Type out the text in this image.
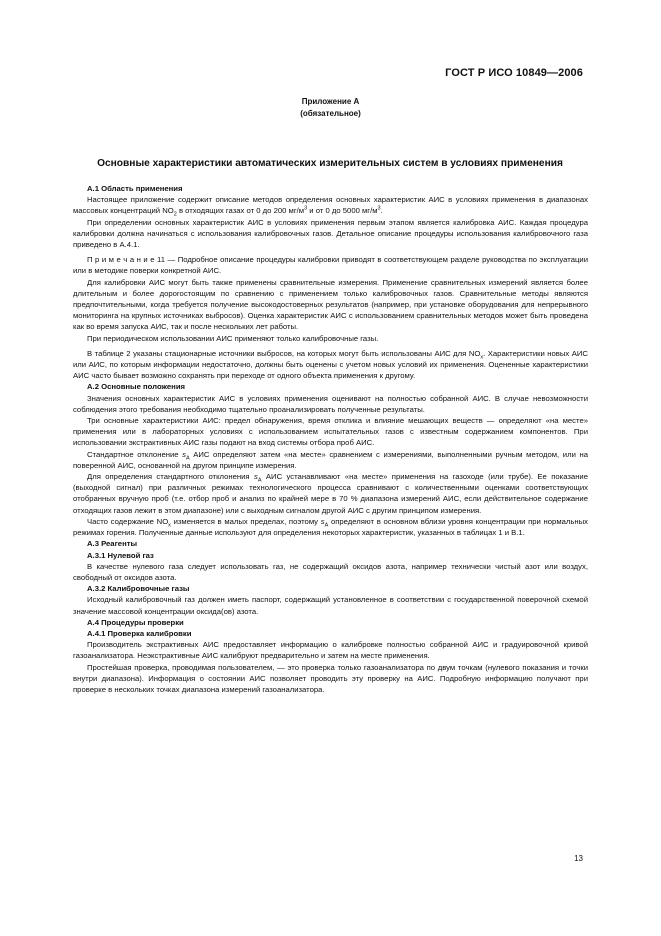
ГОСТ Р ИСО 10849—2006
Приложение А
(обязательное)
Основные характеристики автоматических измерительных систем в условиях применения

А.1 Область применения

Настоящее приложение содержит описание методов определения основных характеристик АИС в условиях применения в диапазонах массовых концентраций $NO_2$ в отходящих газах от 0 до 200 $мг/м^3$ и от 0 до 5000 $мг/м^3$.

При определении основных характеристик АИС в условиях применения первым этапом является калибровка АИС. Каждая процедура калибровки должна начинаться с использования калибровочных газов. Детальное описание процедуры использования калибровочного газа приведено в А.4.1.

П р и м е ч а н и е 11 — Подробное описание процедуры калибровки приводят в соответствующем разделе руководства по эксплуатации или в методике поверки конкретной АИС.

Для калибровки АИС могут быть также применены сравнительные измерения. Применение сравнительных измерений является более длительным и более дорогостоящим по сравнению с применением только калибровочных газов. Сравнительные методы являются предпочтительными, когда требуется получение высокодостоверных результатов (например, при установке оборудования для непрерывного мониторинга на крупных источниках выбросов). Оценка характеристик АИС с использованием сравнительных методов может быть проведена как во время запуска АИС, так и после нескольких лет работы.

При периодическом использовании АИС применяют только калибровочные газы.

В таблице 2 указаны стационарные источники выбросов, на которых могут быть использованы АИС для $NO_x$. Характеристики новых АИС или АИС, по которым информации недостаточно, должны быть оценены с учетом новых условий их применения. Оцененные характеристики АИС часто бывает возможно сохранять при переходе от одного объекта применения к другому.

А.2 Основные положения

Значения основных характеристик АИС в условиях применения оценивают на полностью собранной АИС. В случае невозможности соблюдения этого требования необходимо тщательно проанализировать полученные результаты.

Три основные характеристики АИС: предел обнаружения, время отклика и влияние мешающих веществ — определяют «на месте» применения или в лабораторных условиях с использованием испытательных газов с известным содержанием компонентов. При использовании экстрактивных АИС газы подают на вход системы отбора проб АИС.

Стандартное отклонение $s_A$ АИС определяют затем «на месте» сравнением с измерениями, выполненными ручным методом, или на поверенной АИС, основанной на другом принципе измерения.

Для определения стандартного отклонения $s_A$ АИС устанавливают «на месте» применения на газоходе (или трубе). Ее показание (выходной сигнал) при различных режимах технологического процесса сравнивают с количественными оценками соответствующих отобранных вручную проб (т.е. отбор проб и анализ по крайней мере в 70 % диапазона измерений АИС, если действительное содержание отходящих газов лежит в этом диапазоне) или с выходным сигналом другой АИС с другим принципом измерения.

Часто содержание $NO_x$ изменяется в малых пределах, поэтому $s_A$ определяют в основном вблизи уровня концентрации при нормальных режимах горения. Полученные данные используют для определения некоторых характеристик, указанных в таблицах 1 и В.1.

А.3 Реагенты

А.3.1 Нулевой газ

В качестве нулевого газа следует использовать газ, не содержащий оксидов азота, например технически чистый азот или воздух, свободный от оксидов азота.

А.3.2 Калибровочные газы

Исходный калибровочный газ должен иметь паспорт, содержащий установленное в соответствии с государственной поверочной схемой значение массовой концентрации оксида(ов) азота.

А.4 Процедуры проверки

А.4.1 Проверка калибровки

Производитель экстрактивных АИС предоставляет информацию о калибровке полностью собранной АИС и градуировочной кривой газоанализатора. Неэкстрактивные АИС калибруют предварительно и затем на месте применения.

Простейшая проверка, проводимая пользователем, — это проверка только газоанализатора по двум точкам (нулевого показания и точки внутри диапазона). Информация о состоянии АИС позволяет проводить эту проверку на АИС. Подробную информацию получают при проверке в нескольких точках диапазона измерений газоанализатора.

13
